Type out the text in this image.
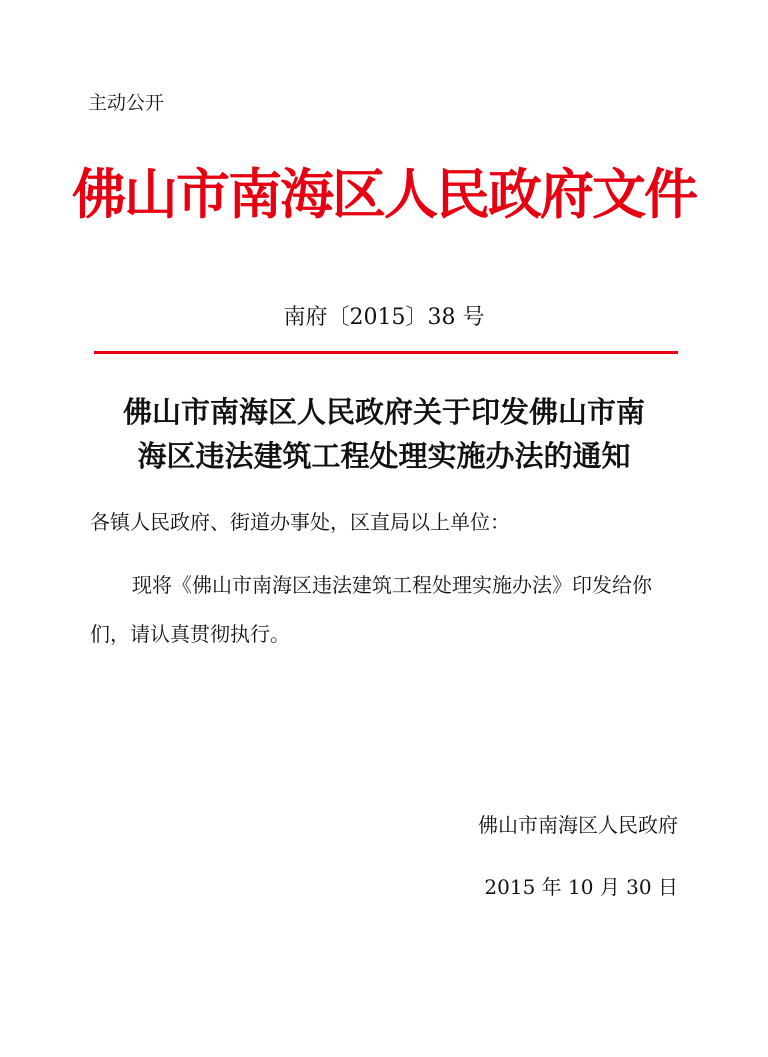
主动公开
佛山市南海区人民政府文件
南府〔2015〕38 号
佛山市南海区人民政府关于印发佛山市南
海区违法建筑工程处理实施办法的通知
各镇人民政府、街道办事处，区直局以上单位：
现将《佛山市南海区违法建筑工程处理实施办法》印发给你
们，请认真贯彻执行。
佛山市南海区人民政府
2015 年 10 月 30 日
